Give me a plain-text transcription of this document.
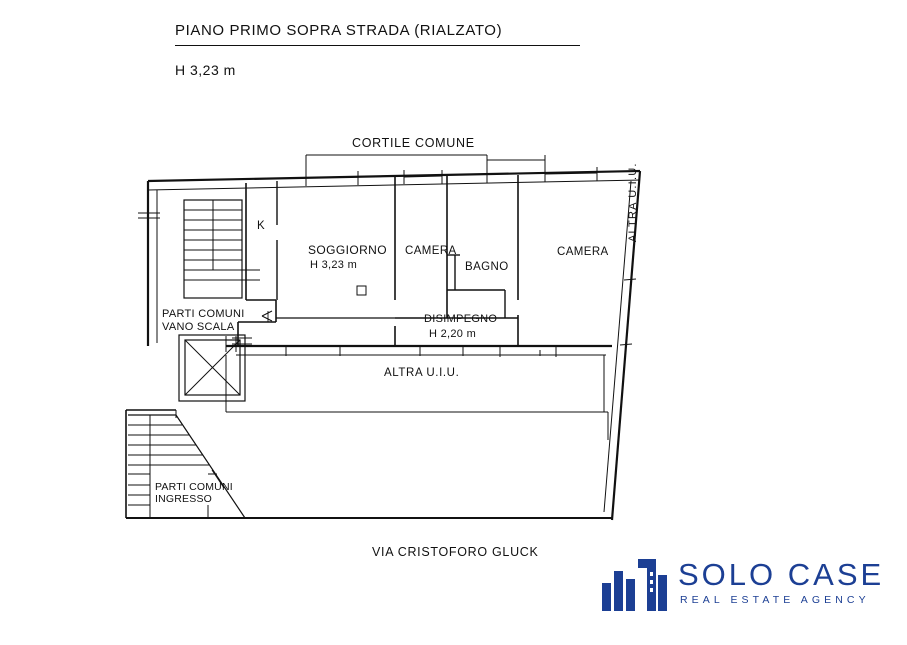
PIANO PRIMO SOPRA STRADA (RIALZATO)
H 3,23 m
CORTILE COMUNE
VIA CRISTOFORO GLUCK
ALTRA U.I.U.
ALTRA U.I.U.
K
SOGGIORNO
H 3,23 m
CAMERA
BAGNO
CAMERA
DISIMPEGNO
H 2,20 m
PARTI COMUNI
VANO SCALA
PARTI COMUNI
INGRESSO
SOLO CASE
REAL ESTATE AGENCY
